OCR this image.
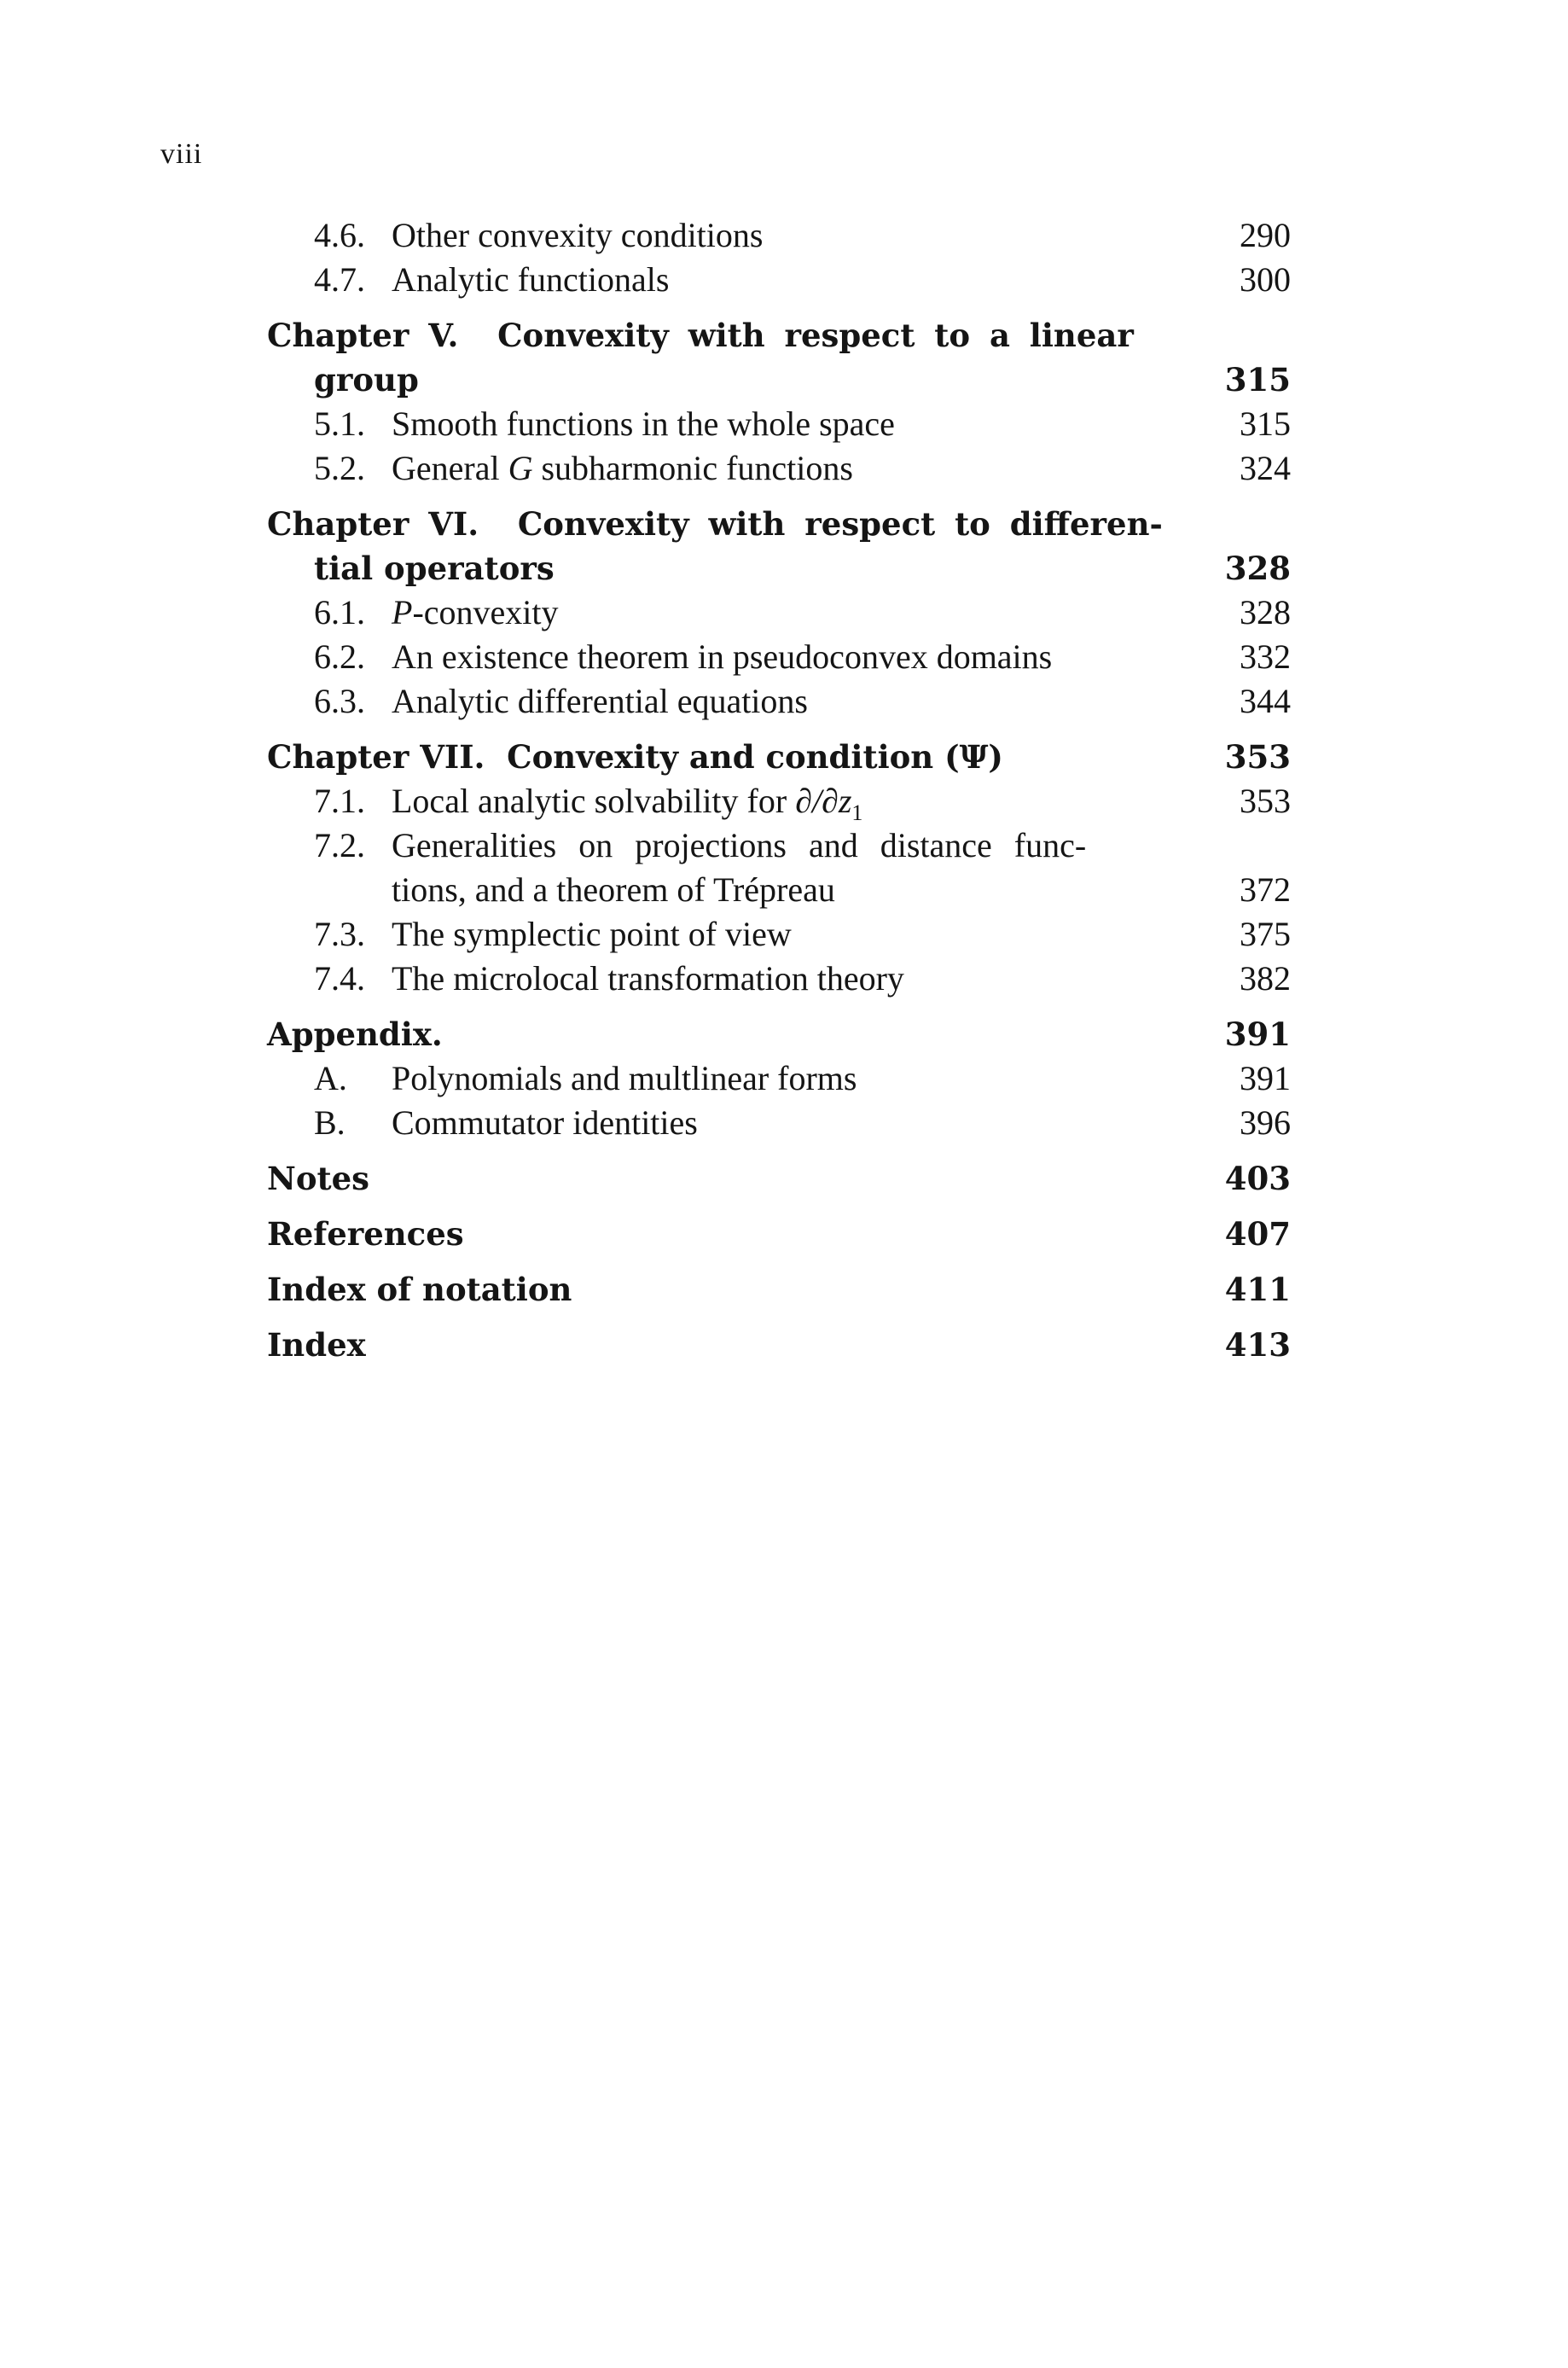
viii
4.6. Other convexity conditions	290
4.7. Analytic functionals	300
Chapter V.  Convexity with respect to a linear
group	315
5.1. Smooth functions in the whole space	315
5.2. General G subharmonic functions	324
Chapter VI.  Convexity with respect to differen-
tial operators	328
6.1. P-convexity	328
6.2. An existence theorem in pseudoconvex domains	332
6.3. Analytic differential equations	344
Chapter VII.  Convexity and condition (Ψ)	353
7.1. Local analytic solvability for $\partial/\partial z_1$	353
7.2. Generalities on projections and distance func-
tions, and a theorem of Trépreau	372
7.3. The symplectic point of view	375
7.4. The microlocal transformation theory	382
Appendix.	391
A. Polynomials and multlinear forms	391
B. Commutator identities	396
Notes	403
References	407
Index of notation	411
Index	413
